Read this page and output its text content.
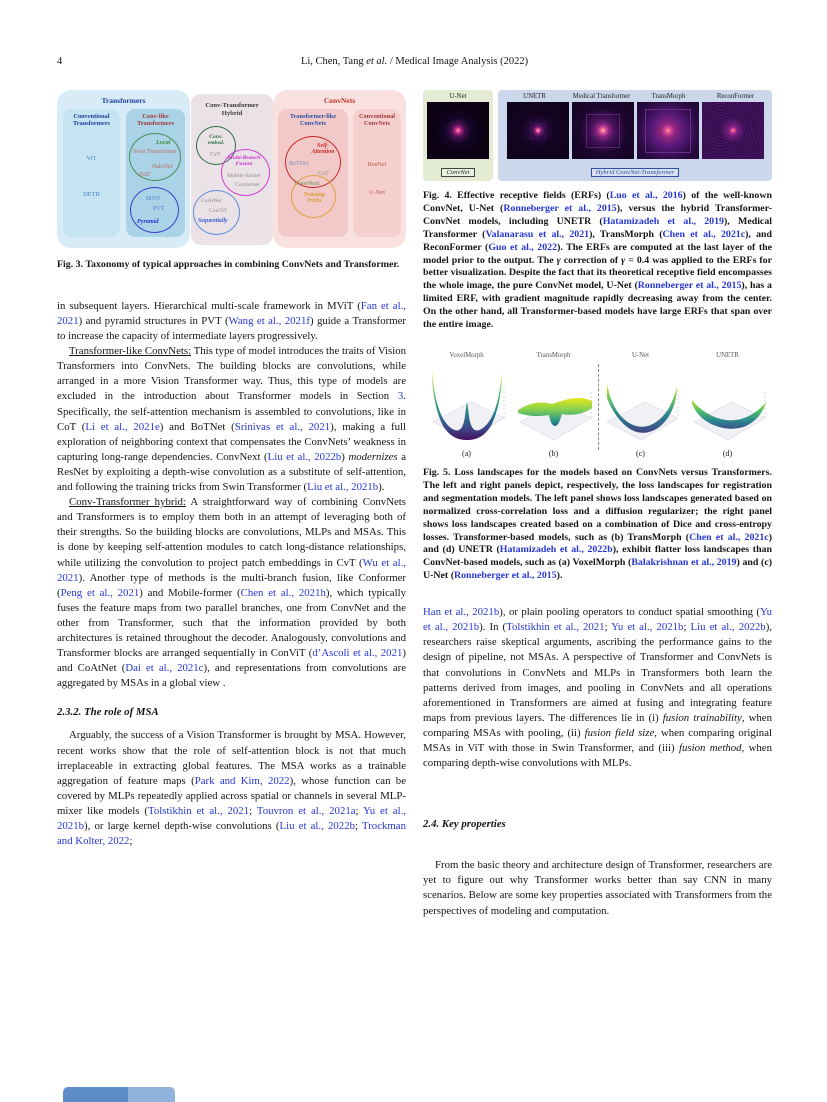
4	Li, Chen, Tang et al. / Medical Image Analysis (2022)
Transformers
Conventional Transformers
ViT
DETR
Conv-like Transformers
Local
Swin Transformer
HaloNet
DAT
MViT
PVT
Pyramid
ConvNets
Transformer-like ConvNets
Self-Attention
BoTNet
CoT
ConvNext
Training Tricks
Conventional ConvNets
ResNet
U-Net
Conv-Transformer Hybrid
Conv. embed.
CvT Multi-Branch Fusion
Mobile-former
Conformer
CoAtNet
ConViT
Sequentially
Fig. 3. Taxonomy of typical approaches in combining ConvNets and Transformer.

in subsequent layers. Hierarchical multi-scale framework in MViT (Fan et al., 2021) and pyramid structures in PVT (Wang et al., 2021f) guide a Transformer to increase the capacity of intermediate layers progressively.

Transformer-like ConvNets: This type of model introduces the traits of Vision Transformers into ConvNets. The building blocks are convolutions, while arranged in a more Vision Transformer way. Thus, this type of models are excluded in the introduction about Transformer models in Section 3. Specifically, the self-attention mechanism is assembled to convolutions, like in CoT (Li et al., 2021e) and BoTNet (Srinivas et al., 2021), making a full exploration of neighboring context that compensates the ConvNets’ weakness in capturing long-range dependencies. ConvNext (Liu et al., 2022b) modernizes a ResNet by exploiting a depth-wise convolution as a substitute of self-attention, and following the training tricks from Swin Transformer (Liu et al., 2021b).

Conv-Transformer hybrid: A straightforward way of combining ConvNets and Transformers is to employ them both in an attempt of leveraging both of their strengths. So the building blocks are convolutions, MLPs and MSAs. This is done by keeping self-attention modules to catch long-distance relationships, while utilizing the convolution to project patch embeddings in CvT (Wu et al., 2021). Another type of methods is the multi-branch fusion, like Conformer (Peng et al., 2021) and Mobile-former (Chen et al., 2021h), which typically fuses the feature maps from two parallel branches, one from ConvNet and the other from Transformer, such that the information provided by both architectures is retained throughout the decoder. Analogously, convolutions and Transformer blocks are arranged sequentially in ConViT (d’Ascoli et al., 2021) and CoAtNet (Dai et al., 2021c), and representations from convolutions are aggregated by MSAs in a global view .

2.3.2. The role of MSA

Arguably, the success of a Vision Transformer is brought by MSA. However, recent works show that the role of self-attention block is not that much irreplaceable in extracting global features. The MSA works as a trainable aggregation of feature maps (Park and Kim, 2022), whose function can be covered by MLPs repeatedly applied across spatial or channels in several MLP-mixer like models (Tolstikhin et al., 2021; Touvron et al., 2021a; Yu et al., 2021b), or large kernel depth-wise convolutions (Liu et al., 2022b; Trockman and Kolter, 2022;

U-Net
ConvNet
UNETR	Medical Transformer	TransMorph	ReconFormer
Hybrid ConvNet-Transformer
Fig. 4. Effective receptive fields (ERFs) (Luo et al., 2016) of the well-known ConvNet, U-Net (Ronneberger et al., 2015), versus the hybrid Transformer-ConvNet models, including UNETR (Hatamizadeh et al., 2019), Medical Transformer (Valanarasu et al., 2021), TransMorph (Chen et al., 2021c), and ReconFormer (Guo et al., 2022). The ERFs are computed at the last layer of the model prior to the output. The γ correction of γ = 0.4 was applied to the ERFs for better visualization. Despite the fact that its theoretical receptive field encompasses the whole image, the pure ConvNet model, U-Net (Ronneberger et al., 2015), has a limited ERF, with gradient magnitude rapidly decreasing away from the center. On the other hand, all Transformer-based models have large ERFs that span over the entire image.
VoxelMorph
(a)
TransMorph
(b)
U-Net
(c)
UNETR
(d)
Fig. 5. Loss landscapes for the models based on ConvNets versus Transformers. The left and right panels depict, respectively, the loss landscapes for registration and segmentation models. The left panel shows loss landscapes generated based on normalized cross-correlation loss and a diffusion regularizer; the right panel shows loss landscapes created based on a combination of Dice and cross-entropy losses. Transformer-based models, such as (b) TransMorph (Chen et al., 2021c) and (d) UNETR (Hatamizadeh et al., 2022b), exhibit flatter loss landscapes than ConvNet-based models, such as (a) VoxelMorph (Balakrishnan et al., 2019) and (c) U-Net (Ronneberger et al., 2015).

Han et al., 2021b), or plain pooling operators to conduct spatial smoothing (Yu et al., 2021b). In (Tolstikhin et al., 2021; Yu et al., 2021b; Liu et al., 2022b), researchers raise skeptical arguments, ascribing the performance gains to the design of pipeline, not MSAs. A perspective of Transformer and ConvNets is that convolutions in ConvNets and MLPs in Transformers both learn the patterns derived from images, and pooling in ConvNets and all operations aforementioned in Transformers are aimed at fusing and integrating feature maps from previous layers. The differences lie in (i) fusion trainability, when comparing MSAs with pooling, (ii) fusion field size, when comparing original MSAs in ViT with those in Swin Transformer, and (iii) fusion method, when comparing depth-wise convolutions with MLPs.

2.4. Key properties

From the basic theory and architecture design of Transformer, researchers are yet to figure out why Transformer works better than say CNN in many scenarios. Below are some key properties associated with Transformers from the perspectives of modeling and computation.
